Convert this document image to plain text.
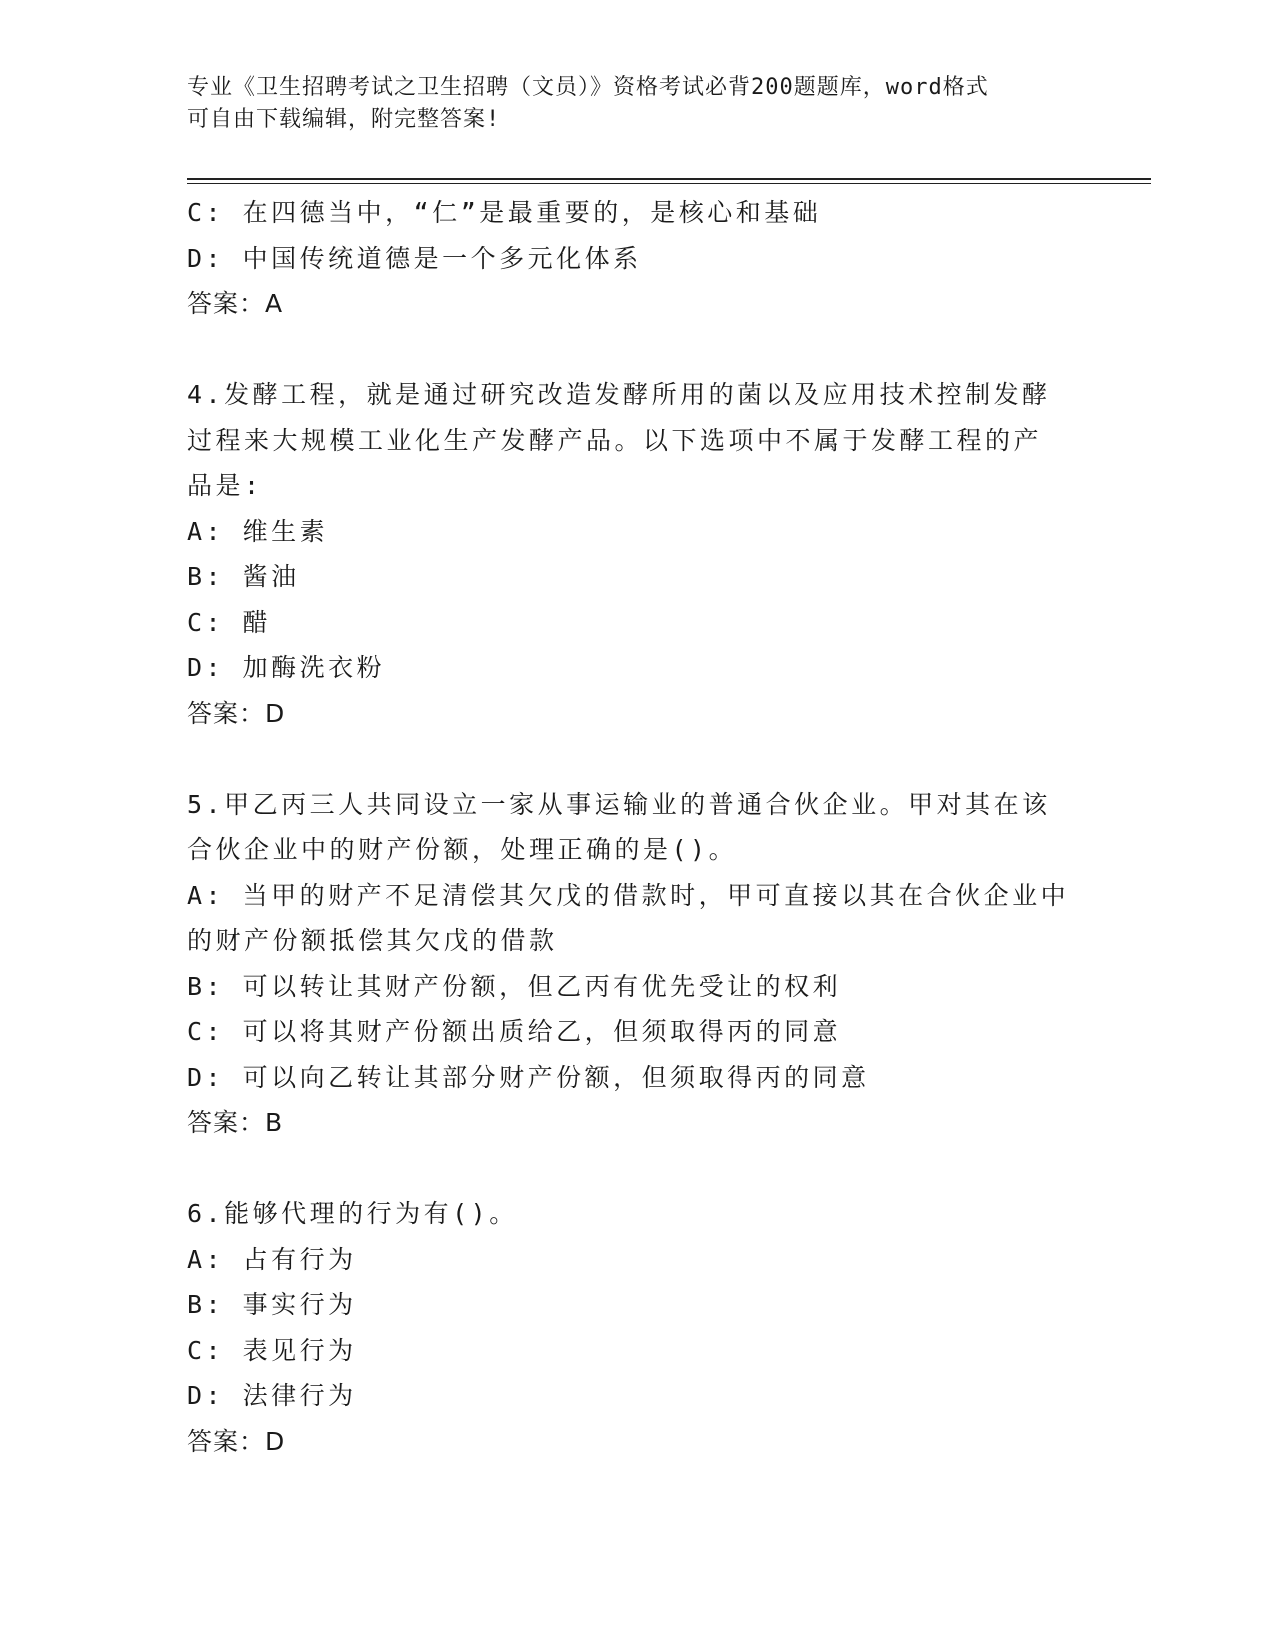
专业《卫生招聘考试之卫生招聘（文员）》资格考试必背200题题库，word格式
可自由下载编辑，附完整答案!
C: 在四德当中，“仁”是最重要的，是核心和基础
D: 中国传统道德是一个多元化体系
答案：A
4.发酵工程，就是通过研究改造发酵所用的菌以及应用技术控制发酵
过程来大规模工业化生产发酵产品。以下选项中不属于发酵工程的产
品是:
A: 维生素
B: 酱油
C: 醋
D: 加酶洗衣粉
答案：D
5.甲乙丙三人共同设立一家从事运输业的普通合伙企业。甲对其在该
合伙企业中的财产份额，处理正确的是()。
A: 当甲的财产不足清偿其欠戊的借款时，甲可直接以其在合伙企业中
的财产份额抵偿其欠戊的借款
B: 可以转让其财产份额，但乙丙有优先受让的权利
C: 可以将其财产份额出质给乙，但须取得丙的同意
D: 可以向乙转让其部分财产份额，但须取得丙的同意
答案：B
6.能够代理的行为有()。
A: 占有行为
B: 事实行为
C: 表见行为
D: 法律行为
答案：D
